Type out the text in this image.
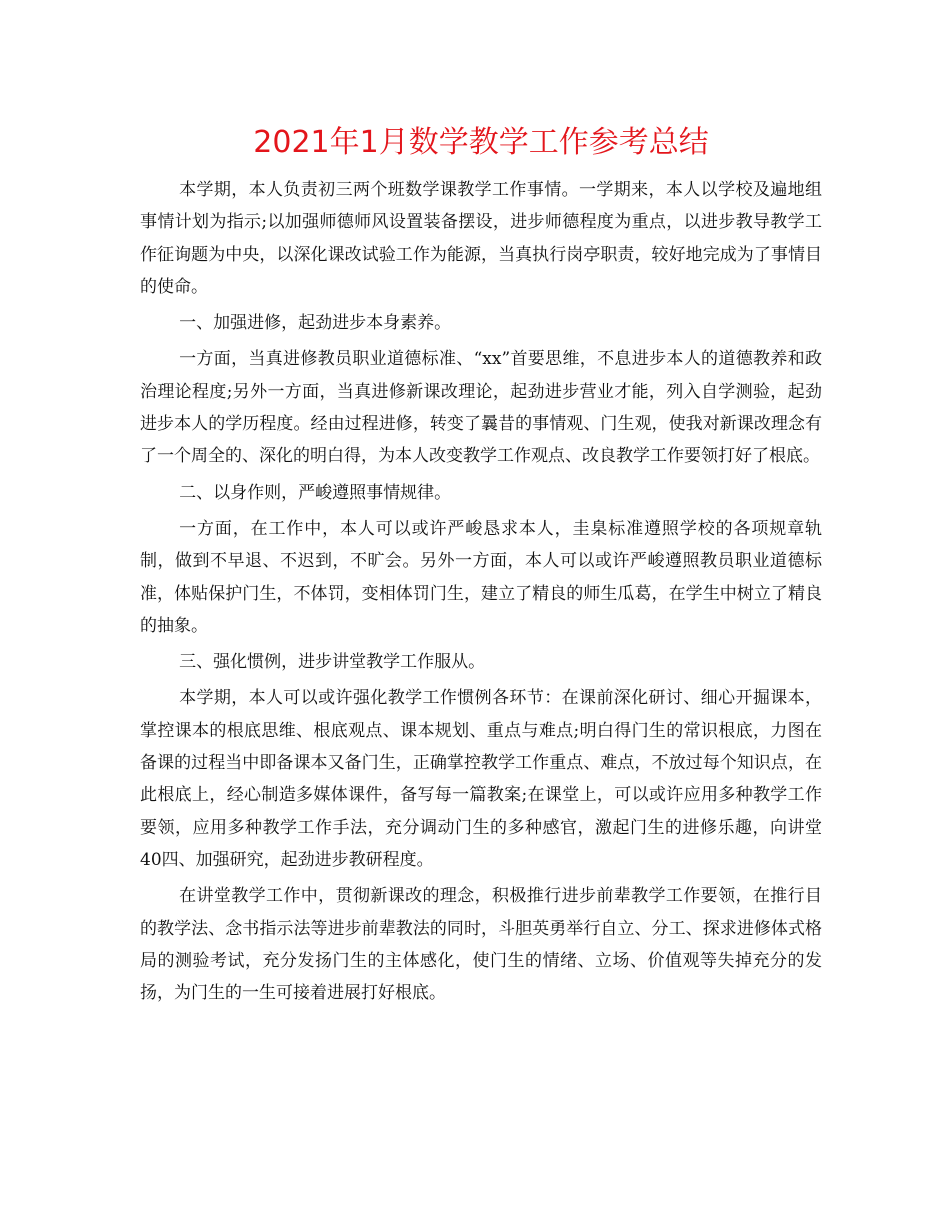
2021年1月数学教学工作参考总结

本学期，本人负责初三两个班数学课教学工作事情。一学期来，本人以学校及遍地组事情计划为指示;以加强师德师风设置装备摆设，进步师德程度为重点，以进步教导教学工作征询题为中央，以深化课改试验工作为能源，当真执行岗亭职责，较好地完成为了事情目的使命。

一、加强进修，起劲进步本身素养。

一方面，当真进修教员职业道德标准、“xx”首要思维，不息进步本人的道德教养和政治理论程度;另外一方面，当真进修新课改理论，起劲进步营业才能，列入自学测验，起劲进步本人的学历程度。经由过程进修，转变了曩昔的事情观、门生观，使我对新课改理念有了一个周全的、深化的明白得，为本人改变教学工作观点、改良教学工作要领打好了根底。

二、以身作则，严峻遵照事情规律。

一方面，在工作中，本人可以或许严峻恳求本人，圭臬标准遵照学校的各项规章轨制，做到不早退、不迟到，不旷会。另外一方面，本人可以或许严峻遵照教员职业道德标准，体贴保护门生，不体罚，变相体罚门生，建立了精良的师生瓜葛，在学生中树立了精良的抽象。

三、强化惯例，进步讲堂教学工作服从。

本学期，本人可以或许强化教学工作惯例各环节：在课前深化研讨、细心开掘课本，掌控课本的根底思维、根底观点、课本规划、重点与难点;明白得门生的常识根底，力图在备课的过程当中即备课本又备门生，正确掌控教学工作重点、难点，不放过每个知识点，在此根底上，经心制造多媒体课件，备写每一篇教案;在课堂上，可以或许应用多种教学工作要领，应用多种教学工作手法，充分调动门生的多种感官，激起门生的进修乐趣，向讲堂40四、加强研究，起劲进步教研程度。

在讲堂教学工作中，贯彻新课改的理念，积极推行进步前辈教学工作要领，在推行目的教学法、念书指示法等进步前辈教法的同时，斗胆英勇举行自立、分工、探求进修体式格局的测验考试，充分发扬门生的主体感化，使门生的情绪、立场、价值观等失掉充分的发扬，为门生的一生可接着进展打好根底。
